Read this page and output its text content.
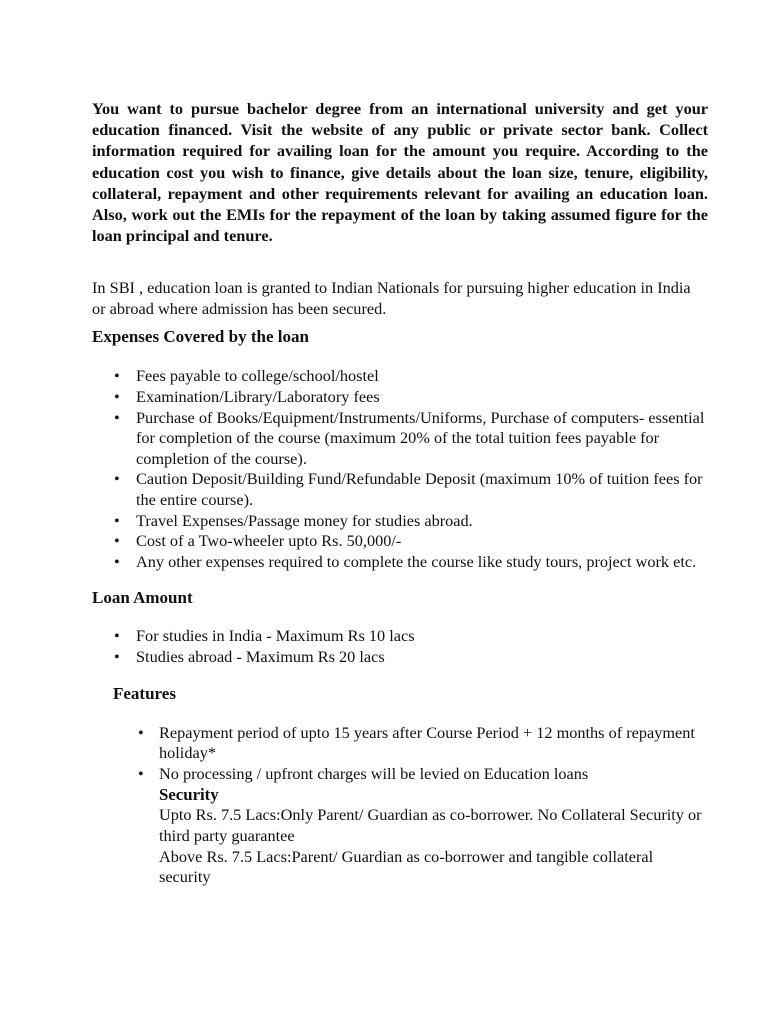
You want to pursue bachelor degree from an international university and get your education financed. Visit the website of any public or private sector bank. Collect information required for availing loan for the amount you require. According to the education cost you wish to finance, give details about the loan size, tenure, eligibility, collateral, repayment and other requirements relevant for availing an education loan. Also, work out the EMIs for the repayment of the loan by taking assumed figure for the loan principal and tenure.

In SBI , education loan is granted to Indian Nationals for pursuing higher education in India or abroad where admission has been secured.

Expenses Covered by the loan
• Fees payable to college/school/hostel
• Examination/Library/Laboratory fees
• Purchase of Books/Equipment/Instruments/Uniforms, Purchase of computers- essential for completion of the course (maximum 20% of the total tuition fees payable for completion of the course).
• Caution Deposit/Building Fund/Refundable Deposit (maximum 10% of tuition fees for the entire course).
• Travel Expenses/Passage money for studies abroad.
• Cost of a Two-wheeler upto Rs. 50,000/-
• Any other expenses required to complete the course like study tours, project work etc.
Loan Amount
• For studies in India - Maximum Rs 10 lacs
• Studies abroad - Maximum Rs 20 lacs
Features
• Repayment period of upto 15 years after Course Period + 12 months of repayment holiday*
• No processing / upfront charges will be levied on Education loans
Security
Upto Rs. 7.5 Lacs:Only Parent/ Guardian as co-borrower. No Collateral Security or third party guarantee
Above Rs. 7.5 Lacs:Parent/ Guardian as co-borrower and tangible collateral security
